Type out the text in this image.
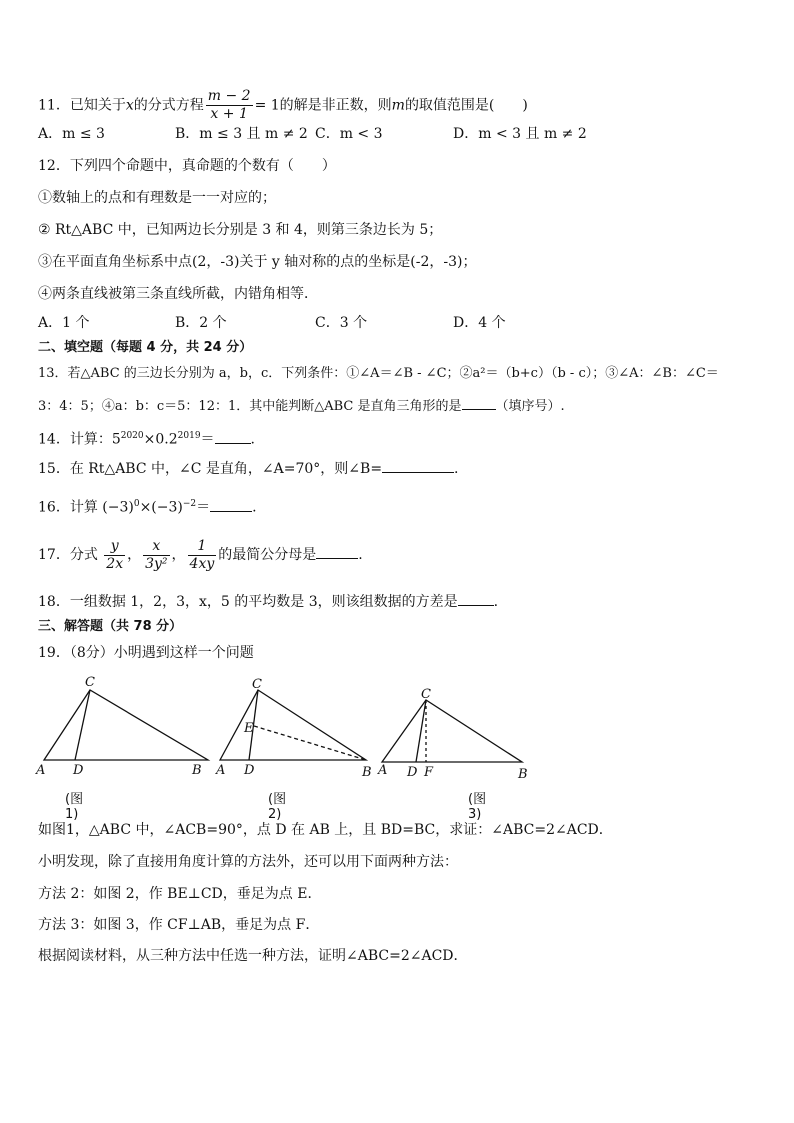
11．已知关于x的分式方程 $\frac{m - 2}{x + 1} = 1$的解是非正数，则m的取值范围是(　　)
A．m ≤ 3	B．m ≤ 3 且 m ≠ 2 C．m < 3	D．m < 3 且 m ≠ 2
12．下列四个命题中，真命题的个数有（　　）
①数轴上的点和有理数是一一对应的；
② Rt△ABC 中，已知两边长分别是 3 和 4，则第三条边长为 5；
③在平面直角坐标系中点(2，-3)关于 y 轴对称的点的坐标是(-2，-3)；
④两条直线被第三条直线所截，内错角相等．
A．1 个	B．2 个	C．3 个	D．4 个
二、填空题（每题 4 分，共 24 分）
13．若△ABC 的三边长分别为 a，b，c．下列条件：①∠A＝∠B - ∠C；②a²＝（b+c）（b - c）；③∠A：∠B：∠C＝
3：4：5；④a：b：c＝5：12：1．其中能判断△ABC 是直角三角形的是	（填序号）.
14．计算：$5^{2020}\times 0.2^{2019}=$	.
15．在 Rt△ABC 中，∠C 是直角，∠A=70°，则∠B=	.
16．计算 $(-3)^0\times(-3)^{-2}=$	.
17．分式 $\frac{y}{2x}$ ， $\frac{x}{\text{3y²}}$ ， $\frac{1}{4xy}$ 的最简公分母是	.
18．一组数据 1，2，3，x，5 的平均数是 3，则该组数据的方差是	.
三、解答题（共 78 分）
19．（8分）小明遇到这样一个问题
C
A D	B
C
E
A D	B
C
A D F	B
(图1)
(图2)
(图3)
如图1，△ABC 中，∠ACB=90°，点 D 在 AB 上，且 BD=BC，求证：∠ABC=2∠ACD．
小明发现，除了直接用角度计算的方法外，还可以用下面两种方法：
方法 2：如图 2，作 BE⊥CD，垂足为点 E．
方法 3：如图 3，作 CF⊥AB，垂足为点 F．
根据阅读材料，从三种方法中任选一种方法，证明∠ABC=2∠ACD．
